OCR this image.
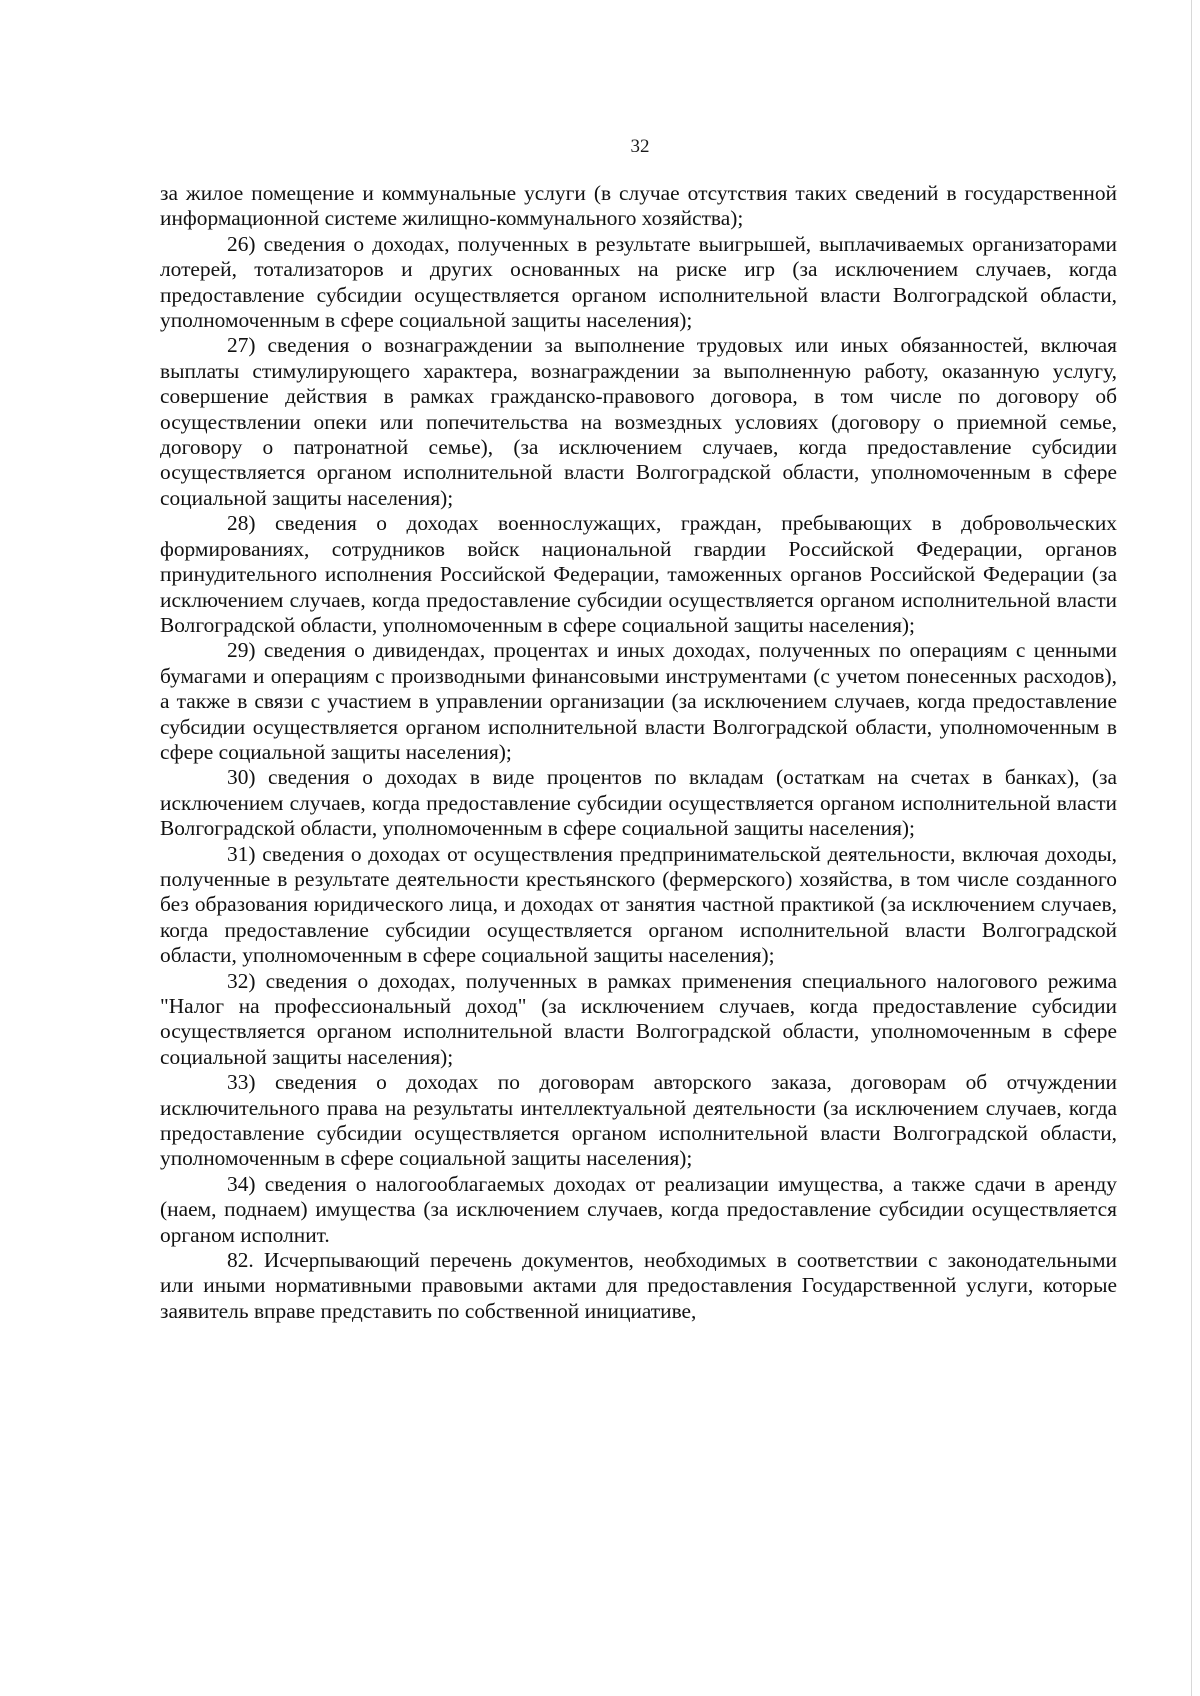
32

за жилое помещение и коммунальные услуги (в случае отсутствия таких сведений в государственной информационной системе жилищно-коммунального хозяйства);

26) сведения о доходах, полученных в результате выигрышей, выплачиваемых организаторами лотерей, тотализаторов и других основанных на риске игр (за исключением случаев, когда предоставление субсидии осуществляется органом исполнительной власти Волгоградской области, уполномоченным в сфере социальной защиты населения);

27) сведения о вознаграждении за выполнение трудовых или иных обязанностей, включая выплаты стимулирующего характера, вознаграждении за выполненную работу, оказанную услугу, совершение действия в рамках гражданско-правового договора, в том числе по договору об осуществлении опеки или попечительства на возмездных условиях (договору о приемной семье, договору о патронатной семье), (за исключением случаев, когда предоставление субсидии осуществляется органом исполнительной власти Волгоградской области, уполномоченным в сфере социальной защиты населения);

28) сведения о доходах военнослужащих, граждан, пребывающих в добровольческих формированиях, сотрудников войск национальной гвардии Российской Федерации, органов принудительного исполнения Российской Федерации, таможенных органов Российской Федерации (за исключением случаев, когда предоставление субсидии осуществляется органом исполнительной власти Волгоградской области, уполномоченным в сфере социальной защиты населения);

29) сведения о дивидендах, процентах и иных доходах, полученных по операциям с ценными бумагами и операциям с производными финансовыми инструментами (с учетом понесенных расходов), а также в связи с участием в управлении организации (за исключением случаев, когда предоставление субсидии осуществляется органом исполнительной власти Волгоградской области, уполномоченным в сфере социальной защиты населения);

30) сведения о доходах в виде процентов по вкладам (остаткам на счетах в банках), (за исключением случаев, когда предоставление субсидии осуществляется органом исполнительной власти Волгоградской области, уполномоченным в сфере социальной защиты населения);

31) сведения о доходах от осуществления предпринимательской деятельности, включая доходы, полученные в результате деятельности крестьянского (фермерского) хозяйства, в том числе созданного без образования юридического лица, и доходах от занятия частной практикой (за исключением случаев, когда предоставление субсидии осуществляется органом исполнительной власти Волгоградской области, уполномоченным в сфере социальной защиты населения);

32) сведения о доходах, полученных в рамках применения специального налогового режима "Налог на профессиональный доход" (за исключением случаев, когда предоставление субсидии осуществляется органом исполнительной власти Волгоградской области, уполномоченным в сфере социальной защиты населения);

33) сведения о доходах по договорам авторского заказа, договорам об отчуждении исключительного права на результаты интеллектуальной деятельности (за исключением случаев, когда предоставление субсидии осуществляется органом исполнительной власти Волгоградской области, уполномоченным в сфере социальной защиты населения);

34) сведения о налогооблагаемых доходах от реализации имущества, а также сдачи в аренду (наем, поднаем) имущества (за исключением случаев, когда предоставление субсидии осуществляется органом исполнит.

82. Исчерпывающий перечень документов, необходимых в соответствии с законодательными или иными нормативными правовыми актами для предоставления Государственной услуги, которые заявитель вправе представить по собственной инициативе,
